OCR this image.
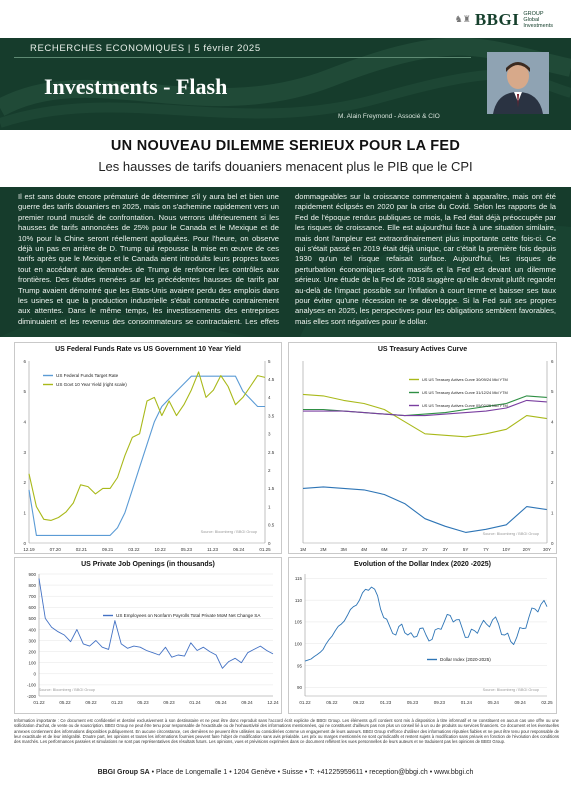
♞♜ BBGI GROUP
Global
Investments
RECHERCHES ECONOMIQUES | 5 février 2025
Investments - Flash
M. Alain Freymond - Associé & CIO
UN NOUVEAU DILEMME SERIEUX POUR LA FED
Les hausses de tarifs douaniers menacent plus le PIB que le CPI

Il est sans doute encore prématuré de déterminer s'il y aura bel et bien une guerre des tarifs douaniers en 2025, mais on s'achemine rapidement vers un premier round musclé de confrontation. Nous verrons ultérieurement si les hausses de tarifs annoncées de 25% pour le Canada et le Mexique et de 10% pour la Chine seront réellement appliquées. Pour l'heure, on observe déjà un pas en arrière de D. Trump qui repousse la mise en œuvre de ces tarifs après que le Mexique et le Canada aient introduits leurs propres taxes tout en accédant aux demandes de Trump de renforcer les contrôles aux frontières. Des études menées sur les précédentes hausses de tarifs par Trump avaient démontré que les Etats-Unis avaient perdu des emplois dans les usines et que la production industrielle s'était contractée contrairement aux attentes. Dans le même temps, les investissements des entreprises diminuaient et les revenus des consommateurs se contractaient. Les effets dommageables sur la croissance commençaient à apparaître, mais ont été rapidement éclipsés en 2020 par la crise du Covid. Selon les rapports de la Fed de l'époque rendus publiques ce mois, la Fed était déjà préoccupée par les risques de croissance. Elle est aujourd'hui face à une situation similaire, mais dont l'ampleur est extraordinairement plus importante cette fois-ci. Ce qui s'était passé en 2019 était déjà unique, car c'était la première fois depuis 1930 qu'un tel risque refaisait surface. Aujourd'hui, les risques de perturbation économiques sont massifs et la Fed est devant un dilemme sérieux. Une étude de la Fed de 2018 suggère qu'elle devrait plutôt regarder au-delà de l'impact possible sur l'inflation à court terme et baisser ses taux pour éviter qu'une récession ne se développe. Si la Fed suit ses propres analyses en 2025, les perspectives pour les obligations semblent favorables, mais elles sont négatives pour le dollar.

US Federal Funds Rate vs US Government 10 Year Yield
0
1
2
3
4
5
6
0
0.5
1
1.5
2
2.5
3
3.5
4
4.5
5
12.19	07.20	02.21	09.21	03.22	10.22	05.23	11.23	06.24	01.25
US Federal Funds Target Rate
US Govt 10 Year Yield (right scale)
Source: Bloomberg / BBGI Group
US Treasury Actives Curve
1M	2M	3M	4M	6M	1Y	2Y	3Y	5Y	7Y	10Y	20Y	30Y
US US Treasury Actives Curve 30/09/24 Mid YTM
US US Treasury Actives Curve 31/12/24 Mid YTM
US US Treasury Actives Curve 05/02/25 Mid YTM
Source: Bloomberg / BBGI Group
0
1
2
3
4
5
6
US Private Job Openings (in thousands)
-200
-100
0
100
200
300
400
500
600
700
800
900
01.22	05.22	09.22	01.23	05.23	09.23	01.24	05.24	09.24	12.24
US Employees on Nonfarm Payrolls Total Private MoM Net Change SA
Source: Bloomberg / BBGI Group
Evolution of the Dollar Index (2020 -2025)
90
95
100
105
110
115
01.22	05.22	09.22	01.23	05.23	09.23	01.24	05.24	09.24	02.25
Dollar Index (2020-2025)
Source: Bloomberg / BBGI Group
Information importante : Ce document est confidentiel et destiné exclusivement à son destinataire et ne peut être donc reproduit sans l'accord écrit explicite de BBGI Group. Les éléments qu'il contient sont mis à disposition à titre informatif et ne constituent en aucun cas une offre ou une sollicitation d'achat, de vente ou de souscription. BBGI Group ne peut être tenu pour responsable de l'exactitude ou de l'exhaustivité des informations mentionnées, qui ne constituent d'ailleurs pas non plus un conseil lié à un ou de produits ou services financiers. Ce document et les éventuelles annexes contiennent des informations disponibles publiquement. En aucune circonstance, ces dernières ne peuvent être utilisées ou considérées comme un engagement de leurs auteurs. BBGI Group s'efforce d'utiliser des informations réputées fiables et ne peut être tenu pour responsable de leur exactitude et de leur intégralité. D'autre part, les opinions et toutes les informations fournies peuvent faire l'objet de modification sans avis préalable. Les prix ou marges mentionnés ne sont qu'indicatifs et restent sujets à modification sans préavis en fonction de l'évolution des conditions des marchés. Les performances passées et simulations ne sont pas représentatives des résultats futurs. Les opinions, vues et prévisions exprimées dans ce document reflètent les vues personnelles de leurs auteurs et ne traduisent pas les opinions de BBGI Group.
BBGI Group SA • Place de Longemalle 1 • 1204 Genève • Suisse • T: +41225959611 • reception@bbgi.ch • www.bbgi.ch
